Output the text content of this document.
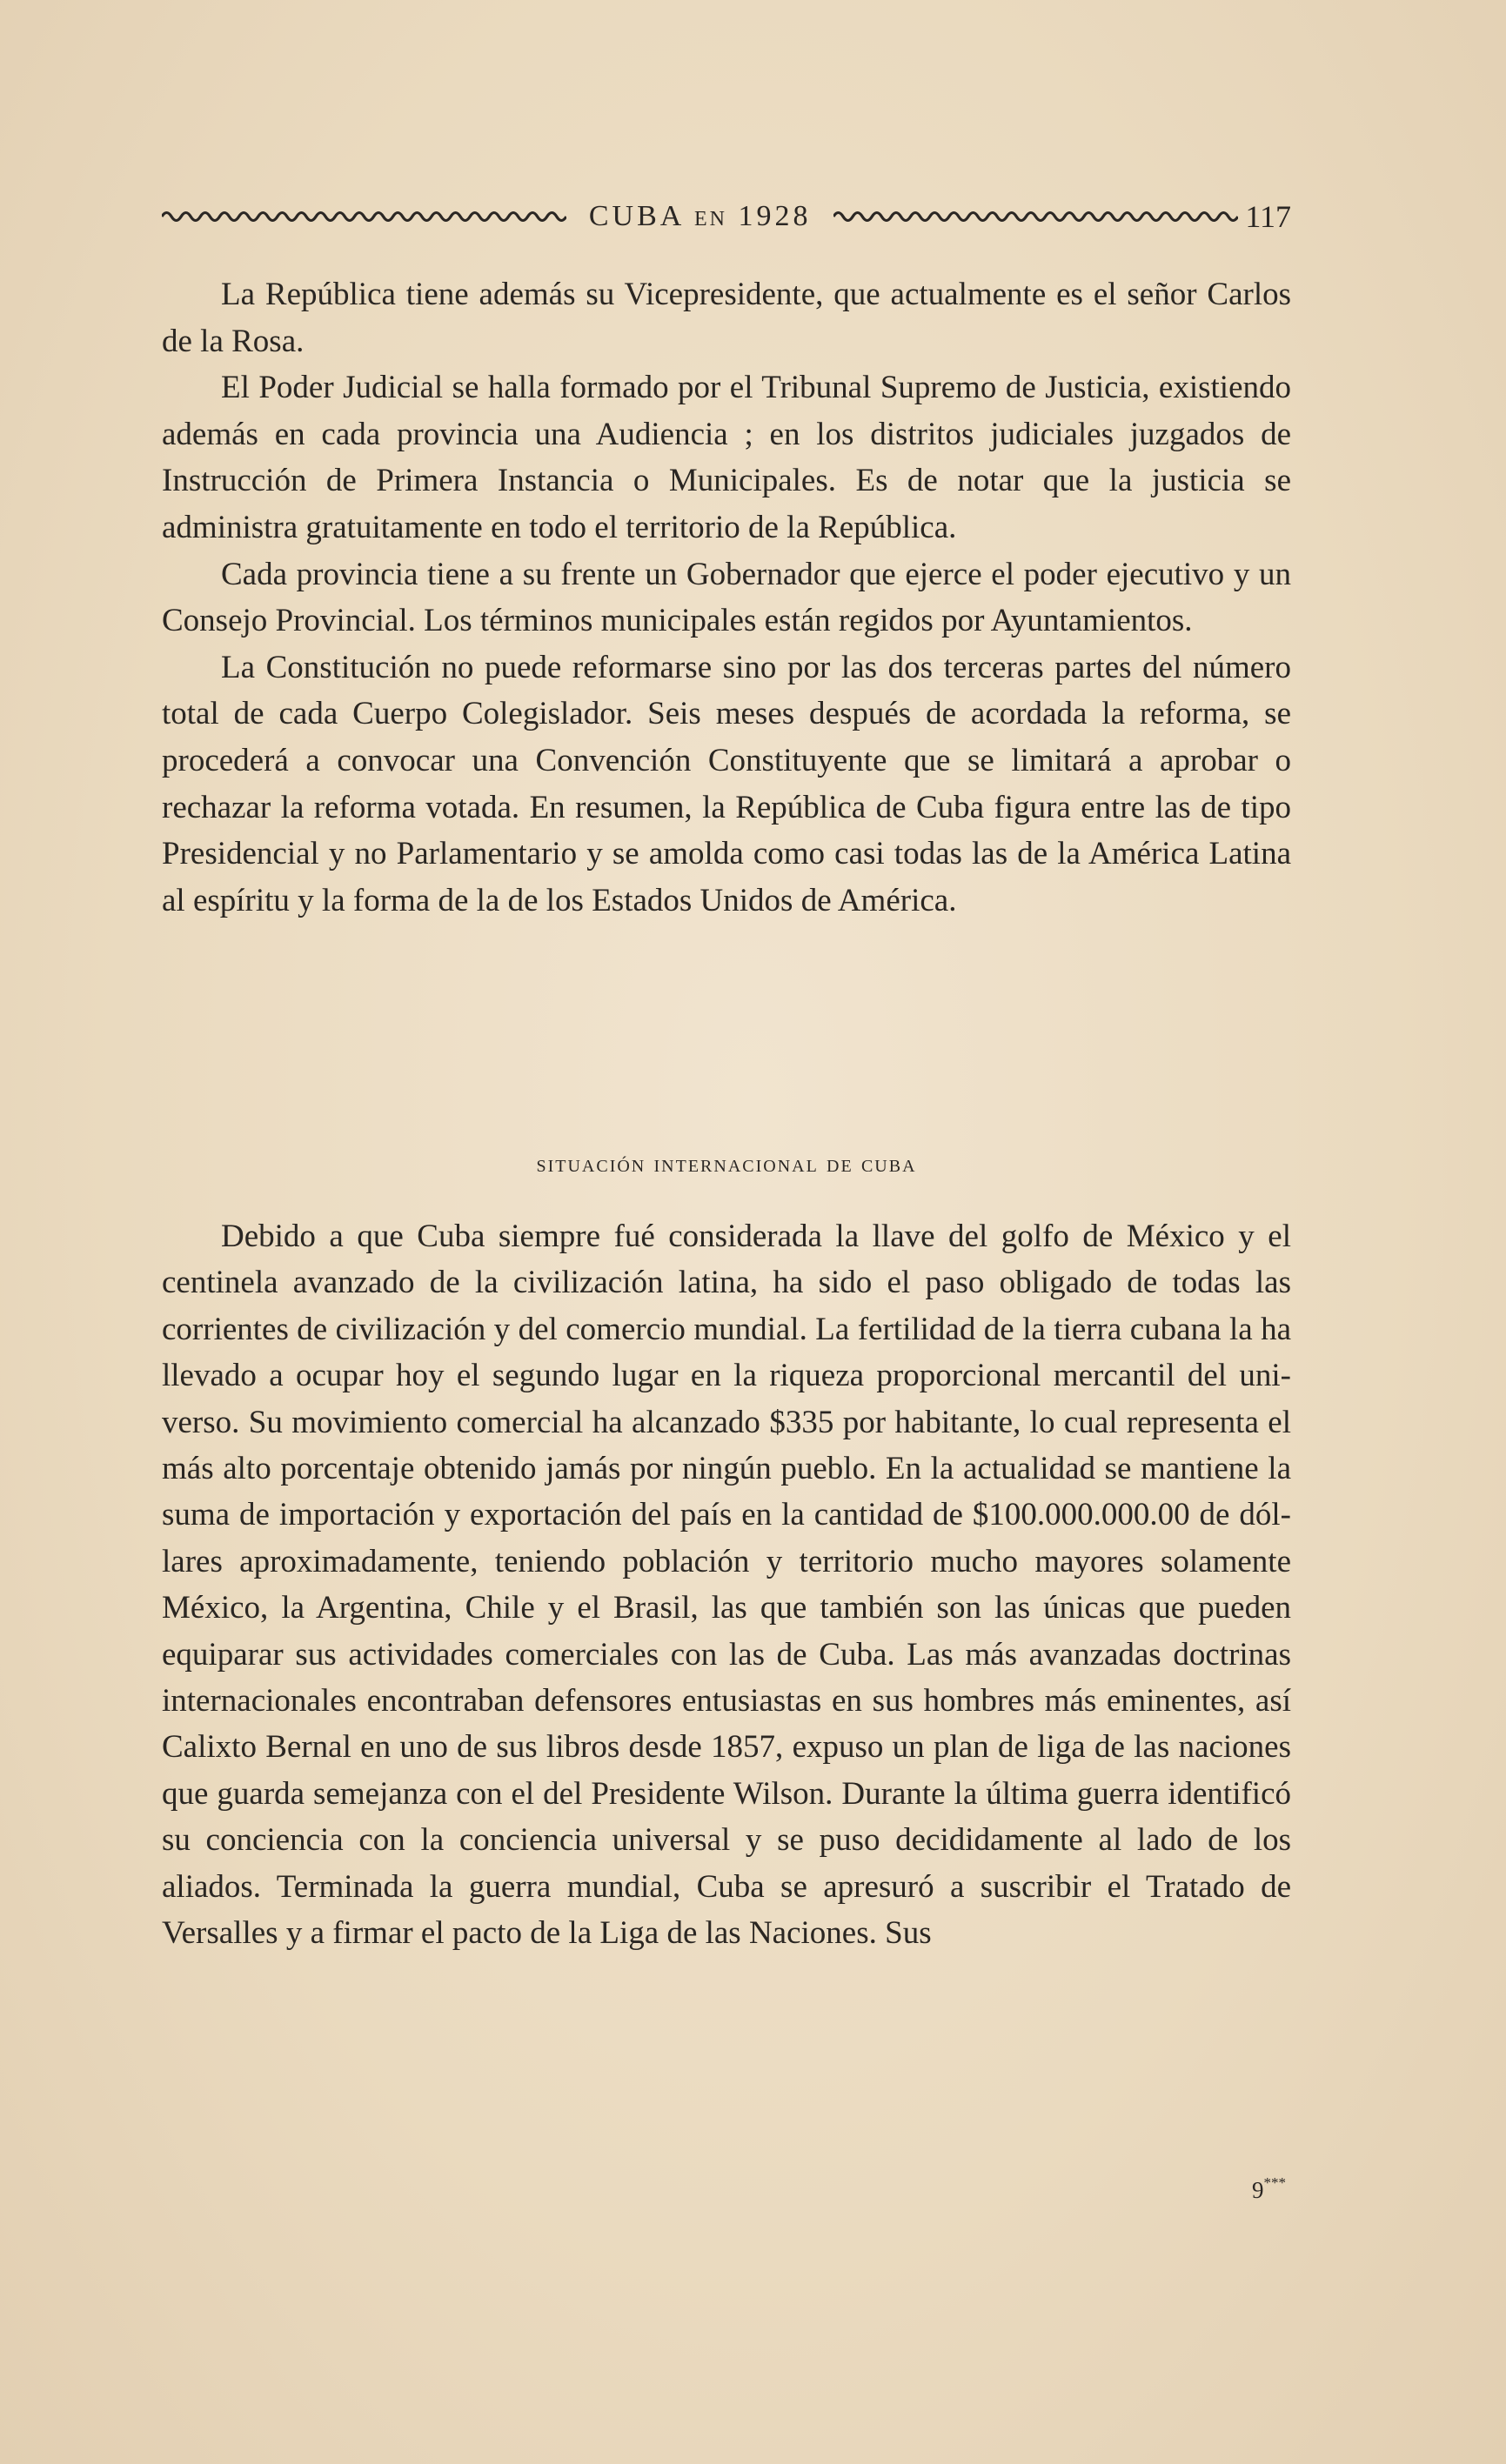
CUBA EN 1928	117

La República tiene además su Vicepresidente, que actualmente es el señor Carlos de la Rosa.

El Poder Judicial se halla formado por el Tribunal Supremo de Justicia, existiendo además en cada provincia una Audiencia ; en los distritos judiciales juzgados de Instrucción de Primera Instancia o Municipales. Es de notar que la justicia se administra gratuitamente en todo el territorio de la República.

Cada provincia tiene a su frente un Gobernador que ejerce el poder ejecutivo y un Consejo Provincial. Los términos municipales están regidos por Ayuntamientos.

La Constitución no puede reformarse sino por las dos terceras partes del número total de cada Cuerpo Colegislador. Seis meses después de acordada la reforma, se procederá a convocar una Convención Constituyente que se limitará a aprobar o rechazar la reforma votada. En resumen, la República de Cuba figura entre las de tipo Presidencial y no Parlamentario y se amolda como casi todas las de la América Latina al espíritu y la forma de la de los Estados Unidos de América.

situación internacional de cuba

Debido a que Cuba siempre fué considerada la llave del golfo de México y el centinela avanzado de la civilización latina, ha sido el paso obligado de todas las corrientes de civilización y del comercio mundial. La fertilidad de la tierra cubana la ha llevado a ocupar hoy el segundo lugar en la riqueza proporcional mercantil del universo. Su movimiento comercial ha alcanzado $335 por habitante, lo cual representa el más alto porcentaje obtenido jamás por ningún pueblo. En la actualidad se mantiene la suma de importación y exportación del país en la cantidad de $100.000.000.00 de dóllares aproximadamente, teniendo población y territorio mucho mayores solamente México, la Argentina, Chile y el Brasil, las que también son las únicas que pueden equiparar sus actividades comerciales con las de Cuba. Las más avanzadas doctrinas internacionales encontraban defensores entusiastas en sus hombres más eminentes, así Calixto Bernal en uno de sus libros desde 1857, expuso un plan de liga de las naciones que guarda semejanza con el del Presidente Wilson. Durante la última guerra identificó su conciencia con la conciencia universal y se puso decididamente al lado de los aliados. Terminada la guerra mundial, Cuba se apresuró a suscribir el Tratado de Versalles y a firmar el pacto de la Liga de las Naciones. Sus

9***
